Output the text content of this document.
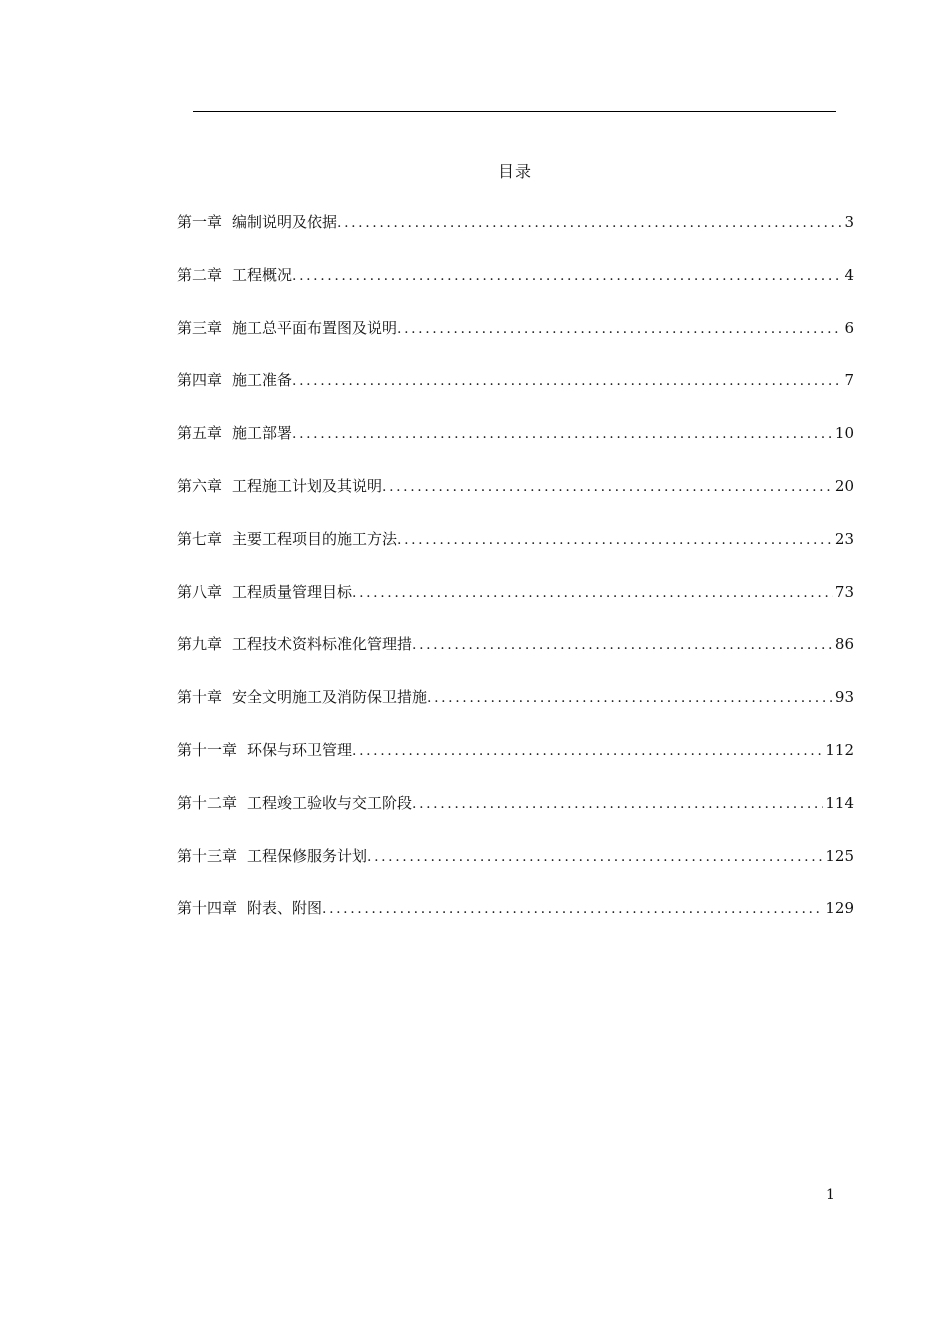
目录
第一章 编制说明及依据 .....	3
第二章 工程概况 .....	4
第三章 施工总平面布置图及说明 .....	6
第四章 施工准备 .....	7
第五章 施工部署 .....	10
第六章 工程施工计划及其说明 .....	20
第七章 主要工程项目的施工方法 .....	23
第八章 工程质量管理目标 .....	73
第九章 工程技术资料标准化管理措 .....	86
第十章 安全文明施工及消防保卫措施 .....	93
第十一章 环保与环卫管理 .....	112
第十二章 工程竣工验收与交工阶段 .....	114
第十三章 工程保修服务计划 .....	125
第十四章 附表、附图 .....	129
1
